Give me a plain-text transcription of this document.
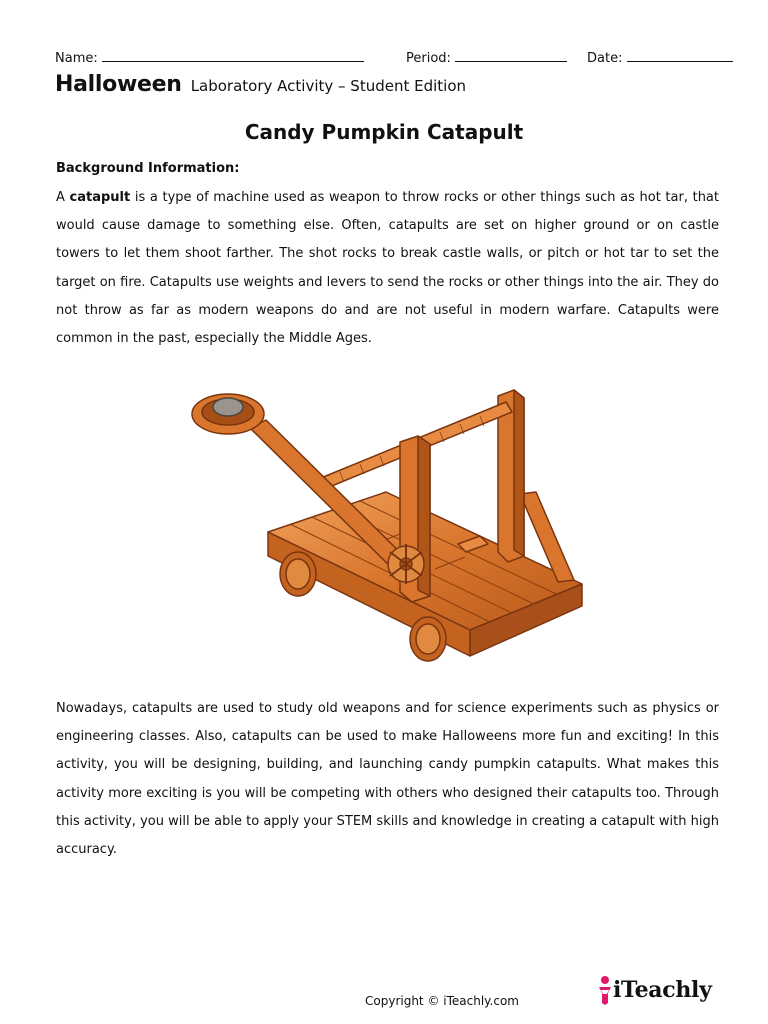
Name:	Period:	Date:
Halloween Laboratory Activity – Student Edition
Candy Pumpkin Catapult
Background Information:
A catapult is a type of machine used as weapon to throw rocks or other things such as hot tar, that would cause damage to something else. Often, catapults are set on higher ground or on castle towers to let them shoot farther. The shot rocks to break castle walls, or pitch or hot tar to set the target on fire. Catapults use weights and levers to send the rocks or other things into the air. They do not throw as far as modern weapons do and are not useful in modern warfare. Catapults were common in the past, especially the Middle Ages.
Nowadays, catapults are used to study old weapons and for science experiments such as physics or engineering classes. Also, catapults can be used to make Halloweens more fun and exciting! In this activity, you will be designing, building, and launching candy pumpkin catapults. What makes this activity more exciting is you will be competing with others who designed their catapults too. Through this activity, you will be able to apply your STEM skills and knowledge in creating a catapult with high accuracy.
Copyright © iTeachly.com	iTeachly
